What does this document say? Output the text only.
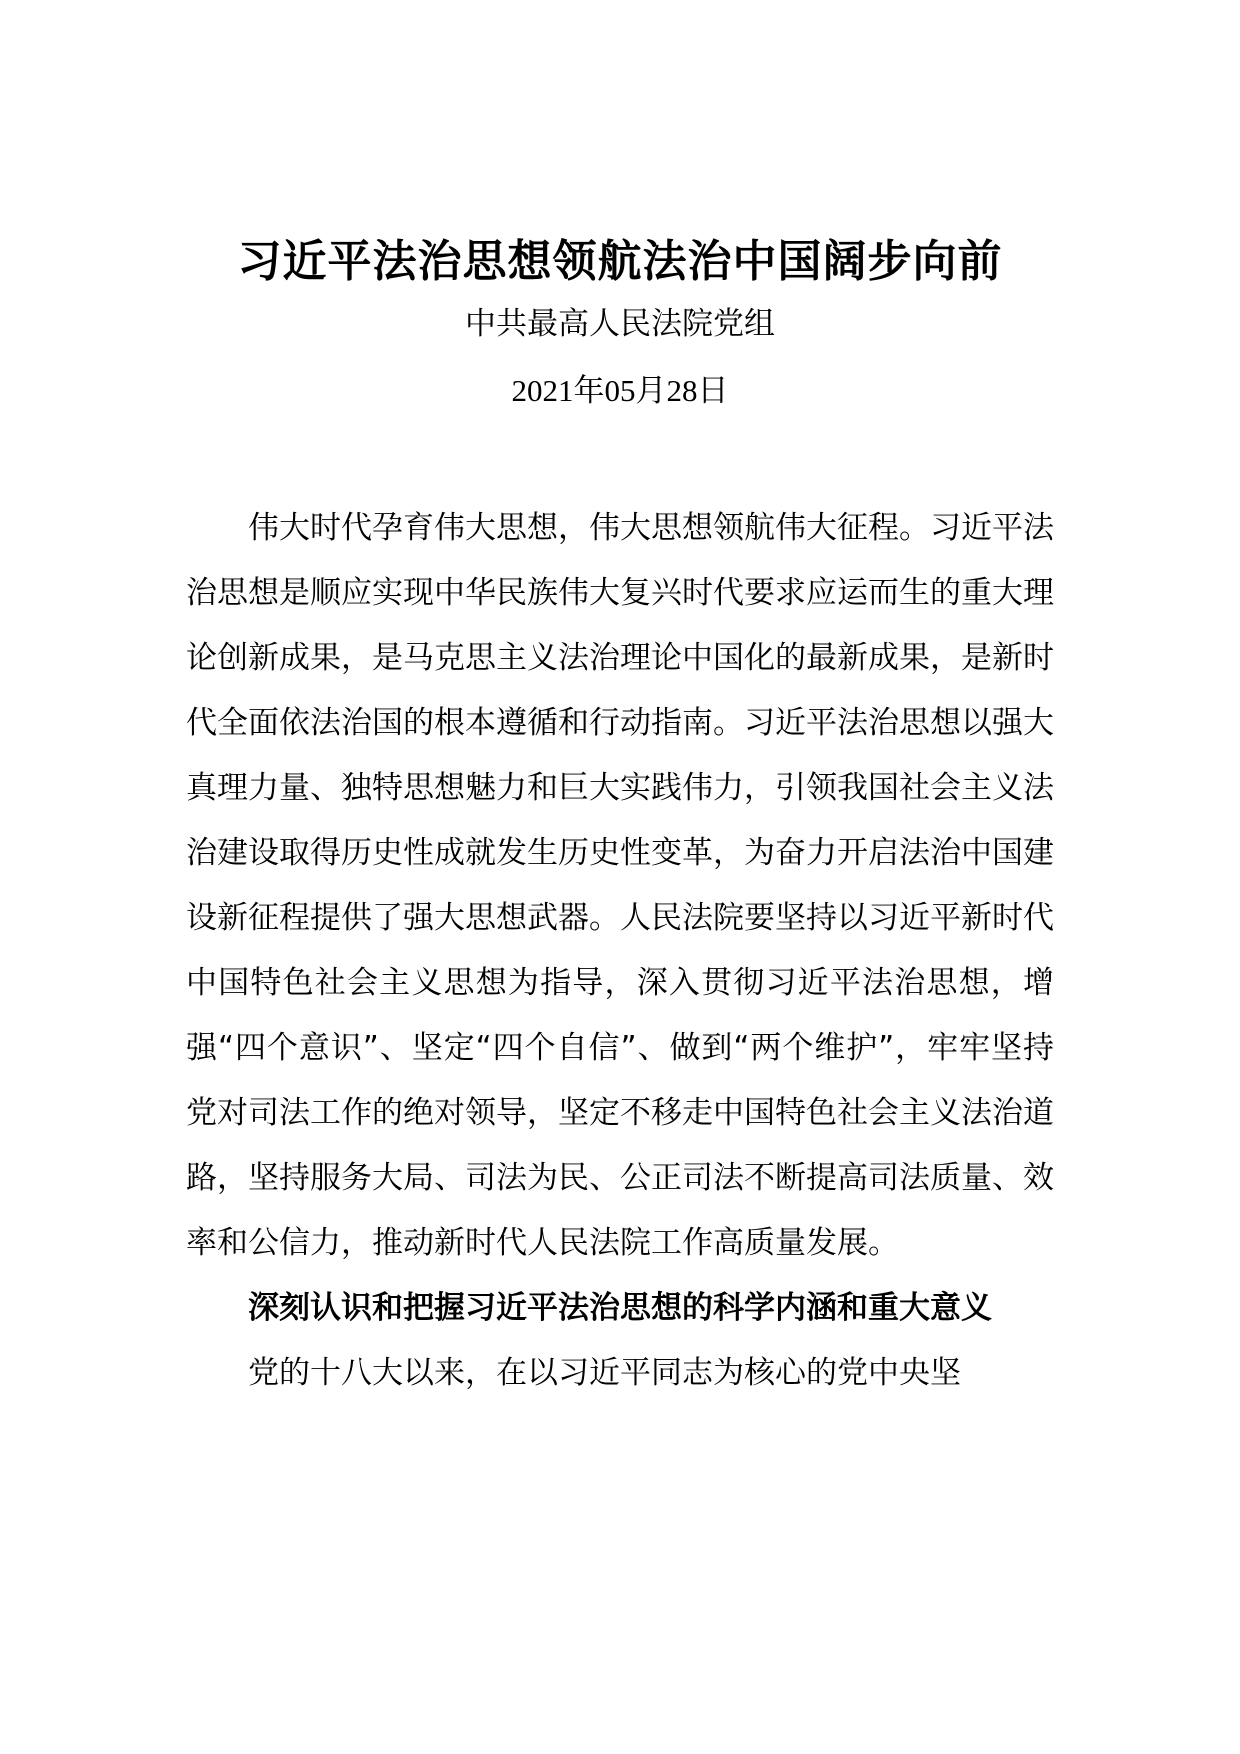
习近平法治思想领航法治中国阔步向前
中共最高人民法院党组
2021年05月28日

伟大时代孕育伟大思想，伟大思想领航伟大征程。习近平法治思想是顺应实现中华民族伟大复兴时代要求应运而生的重大理论创新成果，是马克思主义法治理论中国化的最新成果，是新时代全面依法治国的根本遵循和行动指南。习近平法治思想以强大真理力量、独特思想魅力和巨大实践伟力，引领我国社会主义法治建设取得历史性成就发生历史性变革，为奋力开启法治中国建设新征程提供了强大思想武器。人民法院要坚持以习近平新时代中国特色社会主义思想为指导，深入贯彻习近平法治思想，增强“四个意识”、坚定“四个自信”、做到“两个维护”，牢牢坚持党对司法工作的绝对领导，坚定不移走中国特色社会主义法治道路，坚持服务大局、司法为民、公正司法不断提高司法质量、效率和公信力，推动新时代人民法院工作高质量发展。

深刻认识和把握习近平法治思想的科学内涵和重大意义

党的十八大以来，在以习近平同志为核心的党中央坚
